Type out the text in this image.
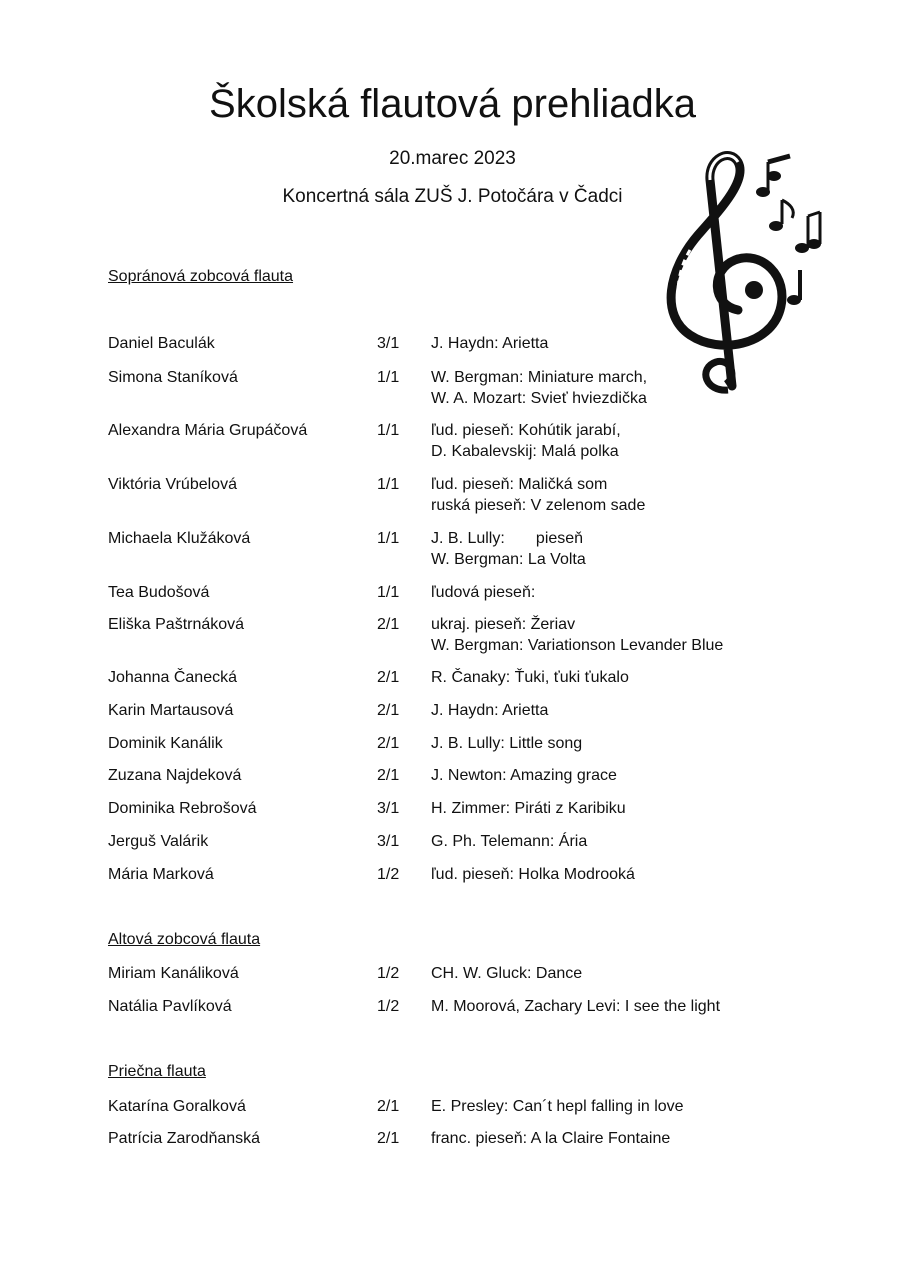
Školská flautová prehliadka
20.marec 2023
Koncertná sála ZUŠ J. Potočára v Čadci
Sopránová zobcová flauta
Daniel Baculák	3/1 J. Haydn: Arietta
Simona Staníková	1/1 W. Bergman: Miniature march,
W. A. Mozart: Svieť hviezdička
Alexandra Mária Grupáčová	1/1 ľud. pieseň: Kohútik jarabí,
D. Kabalevskij: Malá polka
Viktória Vrúbelová	1/1 ľud. pieseň: Maličká som
ruská pieseň: V zelenom sade
Michaela Klužáková	1/1 J. B. Lully:       pieseň
W. Bergman: La Volta
Tea Budošová	1/1 ľudová pieseň:
Eliška Paštrnáková	2/1 ukraj. pieseň: Žeriav
W. Bergman: Variationson Levander Blue
Johanna Čanecká	2/1 R. Čanaky: Ťuki, ťuki ťukalo
Karin Martausová	2/1 J. Haydn: Arietta
Dominik Kanálik	2/1 J. B. Lully: Little song
Zuzana Najdeková	2/1 J. Newton: Amazing grace
Dominika Rebrošová	3/1 H. Zimmer: Piráti z Karibiku
Jerguš Valárik	3/1 G. Ph. Telemann: Ária
Mária Marková	1/2 ľud. pieseň: Holka Modrooká
Altová zobcová flauta
Miriam Kanáliková	1/2 CH. W. Gluck: Dance
Natália Pavlíková	1/2 M. Moorová, Zachary Levi: I see the light
Priečna flauta
Katarína Goralková	2/1 E. Presley: Can´t hepl falling in love
Patrícia Zarodňanská	2/1 franc. pieseň: A la Claire Fontaine
